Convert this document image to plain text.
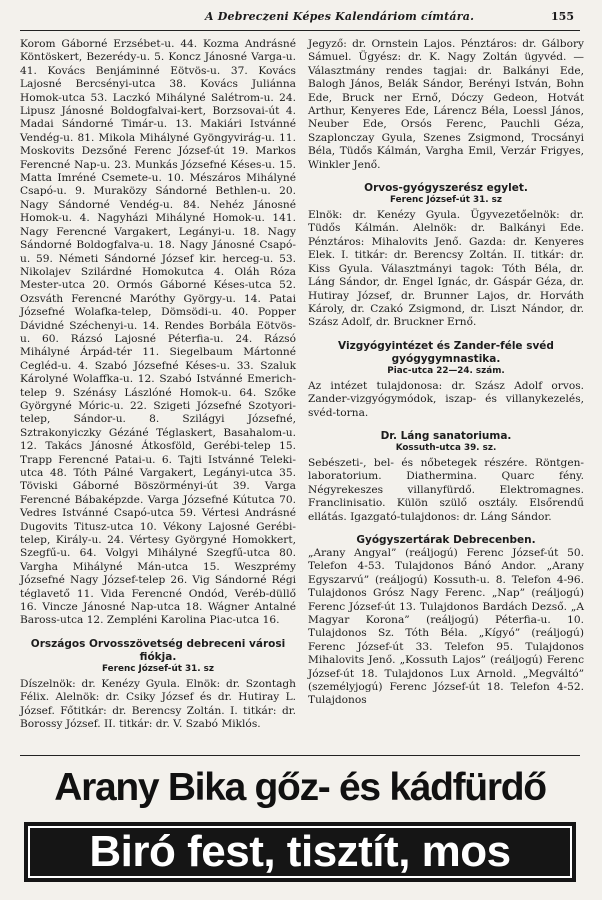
A Debreczeni Képes Kalendáriom címtára.	155

Korom Gáborné Erzsébet-u. 44. Kozma Andrásné Köntöskert, Bezerédy-u. 5. Koncz Jánosné Varga-u. 41. Kovács Benjáminné Eötvös-u. 37. Kovács Lajosné Bercsényi-utca 38. Kovács Juliánna Homok-utca 53. Laczkó Mihályné Salétrom-u. 24. Lipusz Jánosné Boldogfalvai-kert, Borzsovai-út 4. Madai Sándorné Timár-u. 13. Makiári Istvánné Vendég-u. 81. Mikola Mihályné Gyöngyvirág-u. 11. Moskovits Dezsőné Ferenc József-út 19. Markos Ferencné Nap-u. 23. Munkás Józsefné Késes-u. 15. Matta Imréné Csemete-u. 10. Mészáros Mihályné Csapó-u. 9. Muraközy Sándorné Bethlen-u. 20. Nagy Sándorné Vendég-u. 84. Nehéz Jánosné Homok-u. 4. Nagyházi Mihályné Homok-u. 141. Nagy Ferencné Vargakert, Legányi-u. 18. Nagy Sándorné Boldogfalva-u. 18. Nagy Jánosné Csapó-u. 59. Németi Sándorné József kir. herceg-u. 53. Nikolajev Szilárdné Homokutca 4. Oláh Róza Mester-utca 20. Ormós Gáborné Késes-utca 52. Ozsváth Ferencné Maróthy György-u. 14. Patai Józsefné Wolafka-telep, Dömsödi-u. 40. Popper Dávidné Széchenyi-u. 14. Rendes Borbála Eötvös-u. 60. Rázsó Lajosné Péterfia-u. 24. Rázsó Mihályné Árpád-tér 11. Siegelbaum Mártonné Cegléd-u. 4. Szabó Józsefné Késes-u. 33. Szaluk Károlyné Wolaffka-u. 12. Szabó Istvánné Emerich-telep 9. Szénásy Lászlóné Homok-u. 64. Szőke Györgyné Móric-u. 22. Szigeti Józsefné Szotyori-telep, Sándor-u. 8. Szilágyi Józsefné, Sztrakonyiczky Gézáné Téglaskert, Basahalom-u. 12. Takács Jánosné Átkosföld, Gerébi-telep 15. Trapp Ferencné Patai-u. 6. Tajti Istvánné Teleki-utca 48. Tóth Pálné Vargakert, Legányi-utca 35. Töviski Gáborné Böszörményi-út 39. Varga Ferencné Bábaképzde. Varga Józsefné Kútutca 70. Vedres Istvánné Csapó-utca 59. Vértesi Andrásné Dugovits Titusz-utca 10. Vékony Lajosné Gerébi-telep, Király-u. 24. Vértesy Györgyné Homokkert, Szegfű-u. 64. Volgyi Mihályné Szegfű-utca 80. Vargha Mihályné Mán-utca 15. Weszprémy Józsefné Nagy József-telep 26. Vig Sándorné Régi téglavető 11. Vida Ferencné Ondód, Veréb-düllő 16. Vincze Jánosné Nap-utca 18. Wágner Antalné Baross-utca 12. Zempléni Karolina Piac-utca 16.

Országos Orvosszövetség debreceni városi fiókja.
Ferenc József-út 31. sz

Díszelnök: dr. Kenézy Gyula. Elnök: dr. Szontagh Félix. Alelnök: dr. Csiky József és dr. Hutiray L. József. Főtitkár: dr. Berencsy Zoltán. I. titkár: dr. Borossy József. II. titkár: dr. V. Szabó Miklós.

Jegyző: dr. Ornstein Lajos. Pénztáros: dr. Gálbory Sámuel. Ügyész: dr. K. Nagy Zoltán ügyvéd. — Választmány rendes tagjai: dr. Balkányi Ede, Balogh János, Belák Sándor, Berényi István, Bohn Ede, Bruck ner Ernő, Dóczy Gedeon, Hotvát Arthur, Kenyeres Ede, Lárencz Béla, Loessl János, Neuber Ede, Orsós Ferenc, Pauchli Géza, Szaplonczay Gyula, Szenes Zsigmond, Trocsányi Béla, Tüdős Kálmán, Vargha Emil, Verzár Frigyes, Winkler Jenő.

Orvos-gyógyszerész egylet.
Ferenc József-út 31. sz

Elnök: dr. Kenézy Gyula. Ügyvezetőelnök: dr. Tüdős Kálmán. Alelnök: dr. Balkányi Ede. Pénztáros: Mihalovits Jenő. Gazda: dr. Kenyeres Elek. I. titkár: dr. Berencsy Zoltán. II. titkár: dr. Kiss Gyula. Választmányi tagok: Tóth Béla, dr. Láng Sándor, dr. Engel Ignác, dr. Gáspár Géza, dr. Hutiray József, dr. Brunner Lajos, dr. Horváth Károly, dr. Czakó Zsigmond, dr. Liszt Nándor, dr. Szász Adolf, dr. Bruckner Ernő.

Vizgyógyintézet és Zander-féle svéd gyógygymnastika.
Piac-utca 22—24. szám.

Az intézet tulajdonosa: dr. Szász Adolf orvos. Zander-vizgyógymódok, iszap- és villanykezelés, svéd-torna.

Dr. Láng sanatoriuma.
Kossuth-utca 39. sz.

Sebészeti-, bel- és nőbetegek részére. Röntgen-laboratorium. Diathermina. Quarc fény. Négyrekeszes villanyfürdő. Elektromagnes. Franclinisatio. Külön szülő osztály. Elsőrendű ellátás. Igazgató-tulajdonos: dr. Láng Sándor.

Gyógyszertárak Debrecenben.

„Arany Angyal” (reáljogú) Ferenc József-út 50. Telefon 4-53. Tulajdonos Bánó Andor. „Arany Egyszarvú” (reáljogú) Kossuth-u. 8. Telefon 4-96. Tulajdonos Grósz Nagy Ferenc. „Nap” (reáljogú) Ferenc József-út 13. Tulajdonos Bardách Dezső. „A Magyar Korona” (reáljogú) Péterfia-u. 10. Tulajdonos Sz. Tóth Béla. „Kígyó” (reáljogú) Ferenc József-út 33. Telefon 95. Tulajdonos Mihalovits Jenő. „Kossuth Lajos” (reáljogú) Ferenc József-út 18. Tulajdonos Lux Arnold. „Megváltó” (személyjogú) Ferenc József-út 18. Telefon 4-52. Tulajdonos

Arany Bika gőz- és kádfürdő
Biró fest, tisztít, mos
